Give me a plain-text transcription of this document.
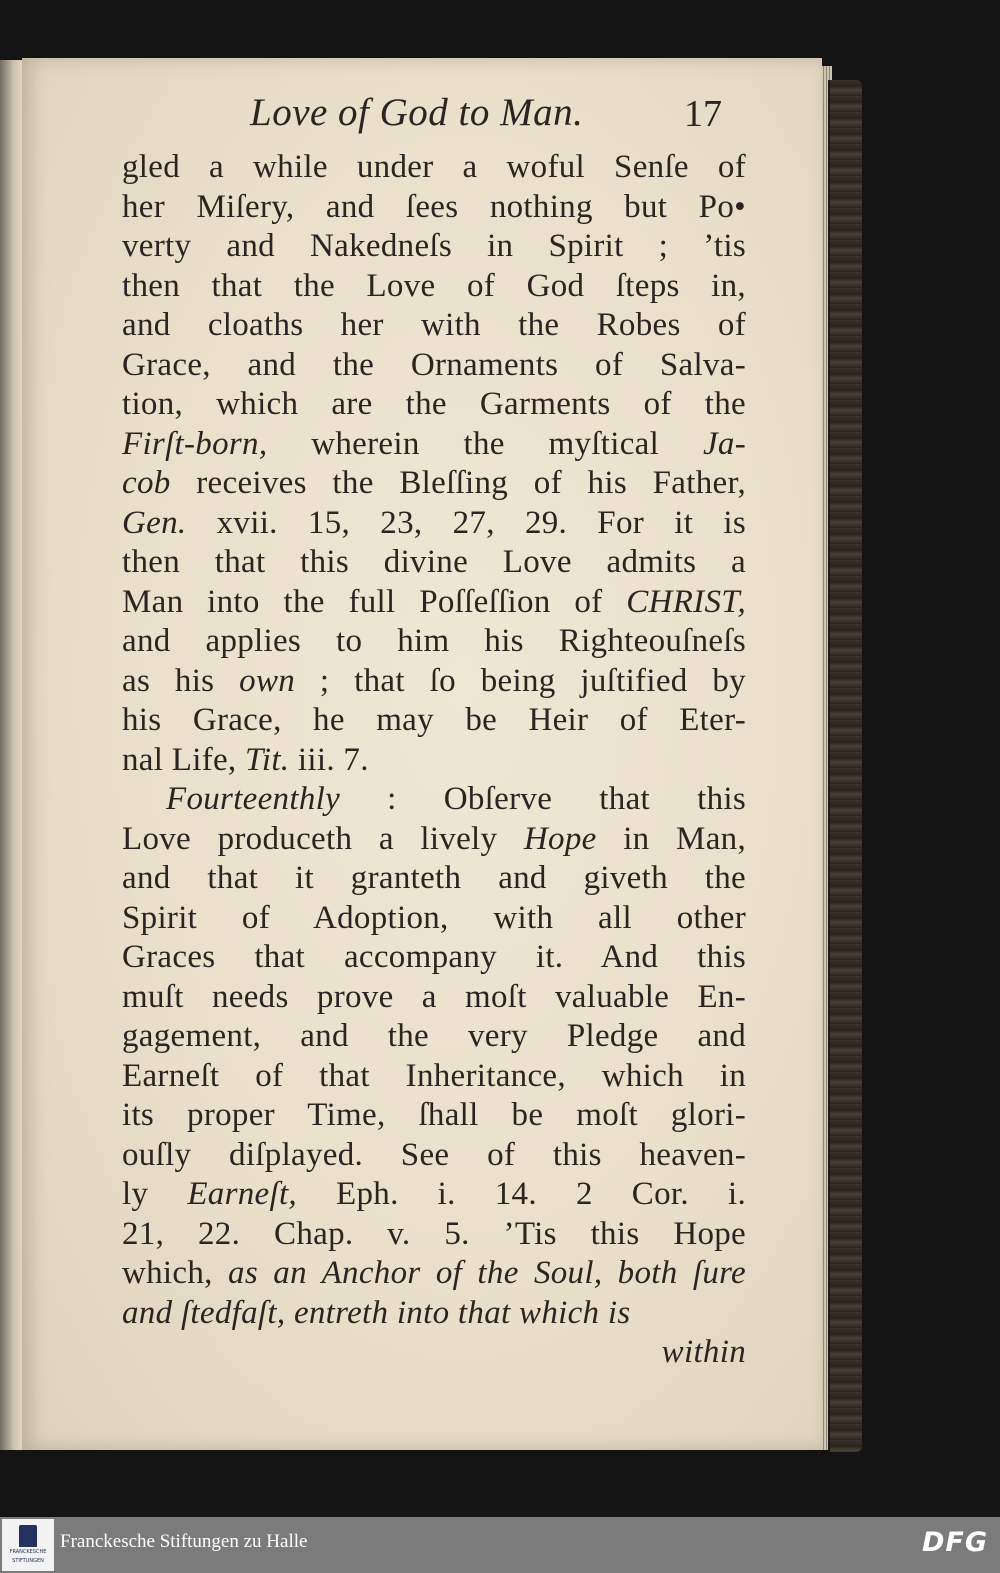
Love of God to Man.	17
gled a while under a woful Senſe of
her Miſery, and ſees nothing but Po•
verty and Nakedneſs in Spirit ; ’tis
then that the Love of God ſteps in,
and cloaths her with the Robes of
Grace, and the Ornaments of Salva-
tion, which are the Garments of the
Firſt-born, wherein the myſtical Ja-
cob receives the Bleſſing of his Father,
Gen. xvii. 15, 23, 27, 29. For it is
then that this divine Love admits a
Man into the full Poſſeſſion of CHRIST,
and applies to him his Righteouſneſs
as his own ; that ſo being juſtified by
his Grace, he may be Heir of Eter-
nal Life, Tit. iii. 7.
Fourteenthly : Obſerve that this
Love produceth a lively Hope in Man,
and that it granteth and giveth the
Spirit of Adoption, with all other
Graces that accompany it. And this
muſt needs prove a moſt valuable En-
gagement, and the very Pledge and
Earneſt of that Inheritance, which in
its proper Time, ſhall be moſt glori-
ouſly diſplayed. See of this heaven-
ly Earneſt, Eph. i. 14. 2 Cor. i.
21, 22. Chap. v. 5. ’Tis this Hope
which, as an Anchor of the Soul, both ſure
and ſtedfaſt, entreth into that which is
within
FRANCKESCHE
STIFTUNGEN
Franckesche Stiftungen zu Halle	DFG
